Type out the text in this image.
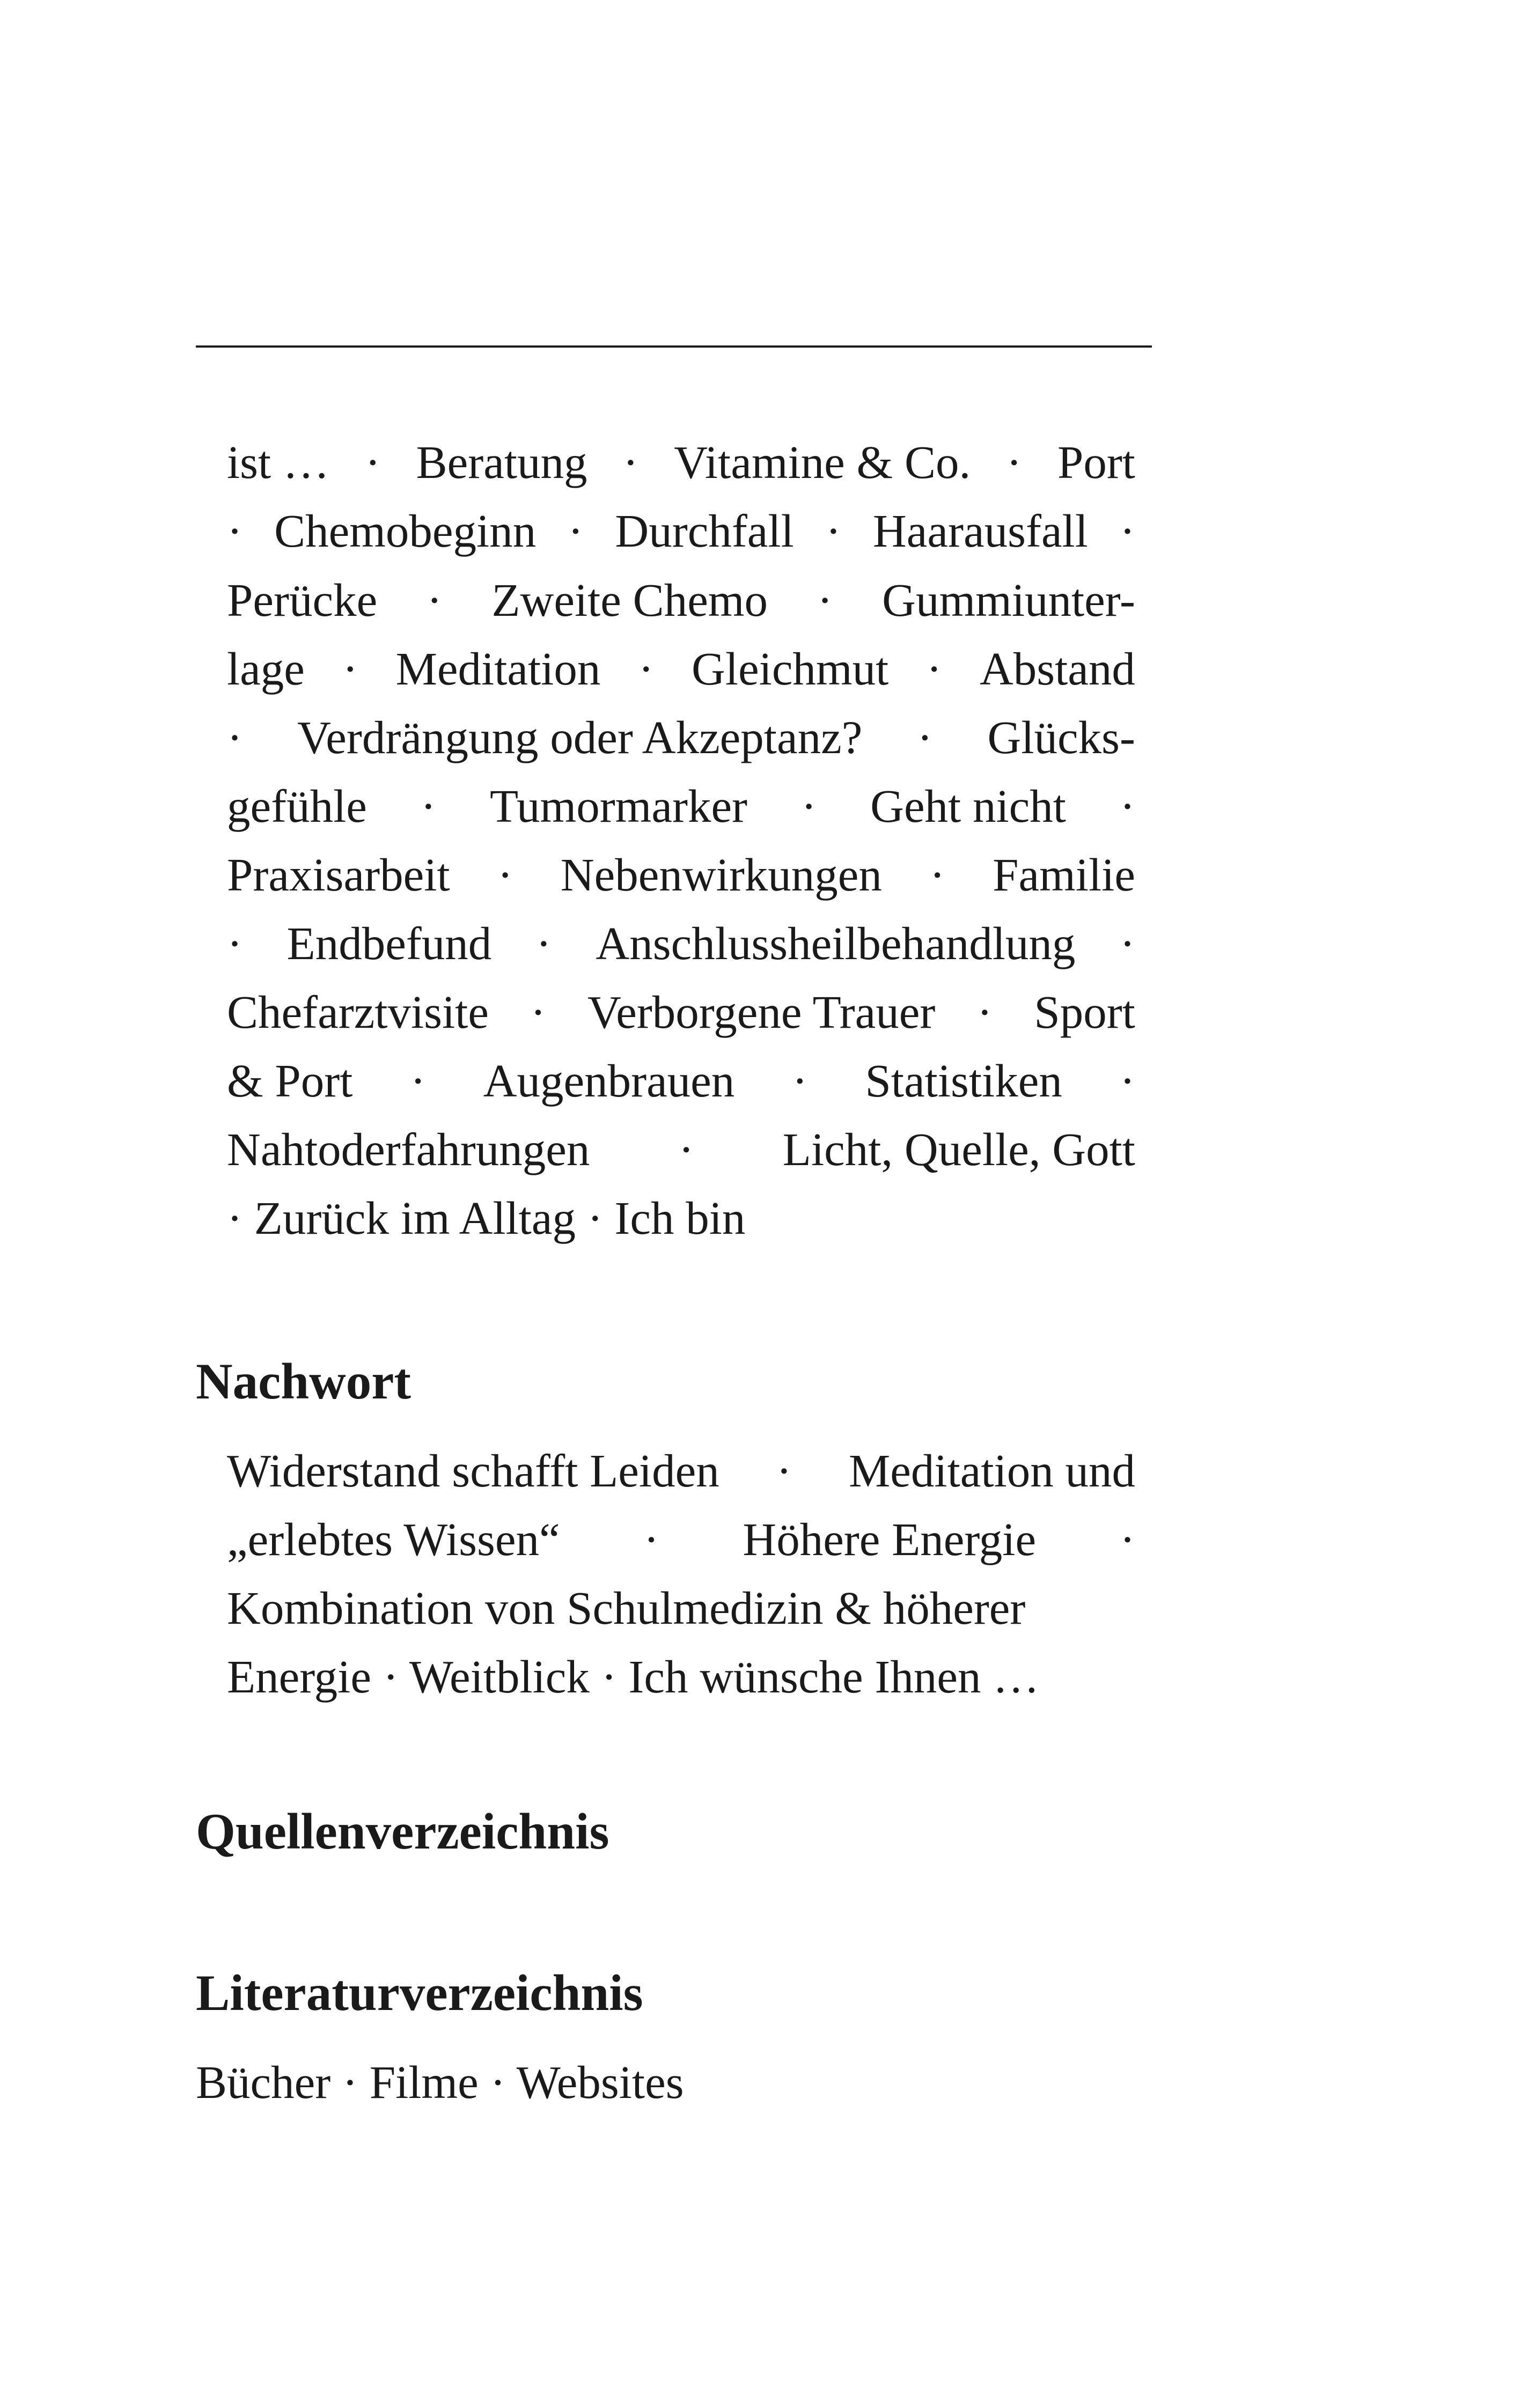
ist … · Beratung · Vitamine & Co. · Port
· Chemobeginn · Durchfall · Haarausfall ·
Perücke · Zweite Chemo · Gummiunter-
lage · Meditation · Gleichmut · Abstand
· Verdrängung oder Akzeptanz? · Glücks-
gefühle · Tumormarker · Geht nicht ·
Praxisarbeit · Nebenwirkungen · Familie
· Endbefund · Anschlussheilbehandlung ·
Chefarztvisite · Verborgene Trauer · Sport
& Port · Augenbrauen · Statistiken ·
Nahtoderfahrungen · Licht, Quelle, Gott
· Zurück im Alltag · Ich bin
Nachwort
Widerstand schafft Leiden · Meditation und
„erlebtes Wissen“ · Höhere Energie ·
Kombination von Schulmedizin & höherer
Energie · Weitblick · Ich wünsche Ihnen …
Quellenverzeichnis
Literaturverzeichnis
Bücher · Filme · Websites
